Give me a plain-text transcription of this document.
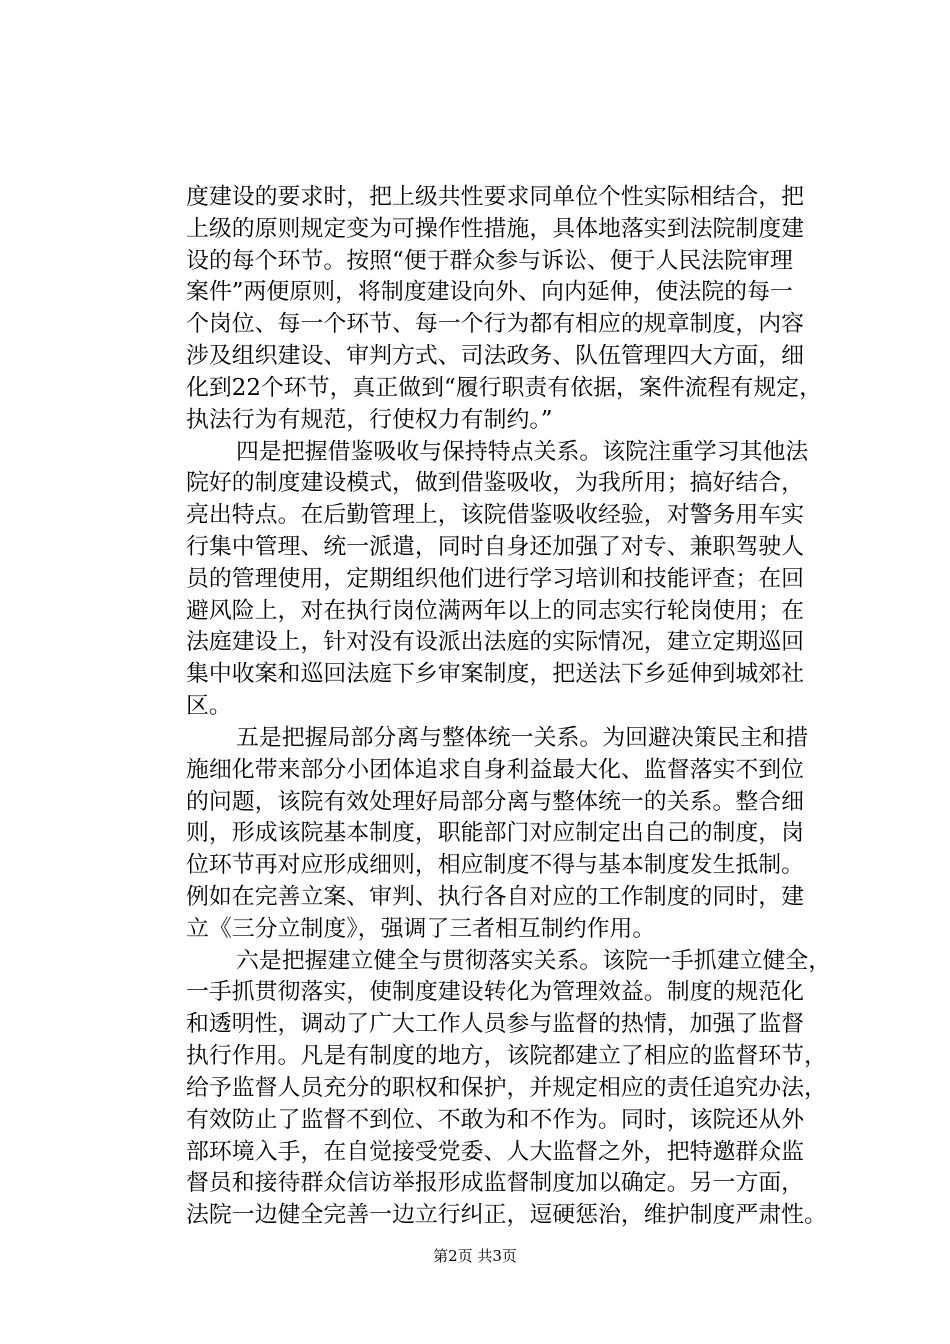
度建设的要求时，把上级共性要求同单位个性实际相结合，把
上级的原则规定变为可操作性措施，具体地落实到法院制度建
设的每个环节。按照“便于群众参与诉讼、便于人民法院审理
案件”两便原则，将制度建设向外、向内延伸，使法院的每一
个岗位、每一个环节、每一个行为都有相应的规章制度，内容
涉及组织建设、审判方式、司法政务、队伍管理四大方面，细
化到22个环节，真正做到“履行职责有依据，案件流程有规定，
执法行为有规范，行使权力有制约。”
四是把握借鉴吸收与保持特点关系。该院注重学习其他法
院好的制度建设模式，做到借鉴吸收，为我所用；搞好结合，
亮出特点。在后勤管理上，该院借鉴吸收经验，对警务用车实
行集中管理、统一派遣，同时自身还加强了对专、兼职驾驶人
员的管理使用，定期组织他们进行学习培训和技能评查；在回
避风险上，对在执行岗位满两年以上的同志实行轮岗使用；在
法庭建设上，针对没有设派出法庭的实际情况，建立定期巡回
集中收案和巡回法庭下乡审案制度，把送法下乡延伸到城郊社
区。
五是把握局部分离与整体统一关系。为回避决策民主和措
施细化带来部分小团体追求自身利益最大化、监督落实不到位
的问题，该院有效处理好局部分离与整体统一的关系。整合细
则，形成该院基本制度，职能部门对应制定出自己的制度，岗
位环节再对应形成细则，相应制度不得与基本制度发生抵制。
例如在完善立案、审判、执行各自对应的工作制度的同时，建
立《三分立制度》，强调了三者相互制约作用。
六是把握建立健全与贯彻落实关系。该院一手抓建立健全，
一手抓贯彻落实，使制度建设转化为管理效益。制度的规范化
和透明性，调动了广大工作人员参与监督的热情，加强了监督
执行作用。凡是有制度的地方，该院都建立了相应的监督环节，
给予监督人员充分的职权和保护，并规定相应的责任追究办法，
有效防止了监督不到位、不敢为和不作为。同时，该院还从外
部环境入手，在自觉接受党委、人大监督之外，把特邀群众监
督员和接待群众信访举报形成监督制度加以确定。另一方面，
法院一边健全完善一边立行纠正，逗硬惩治，维护制度严肃性。
第2页 共3页
